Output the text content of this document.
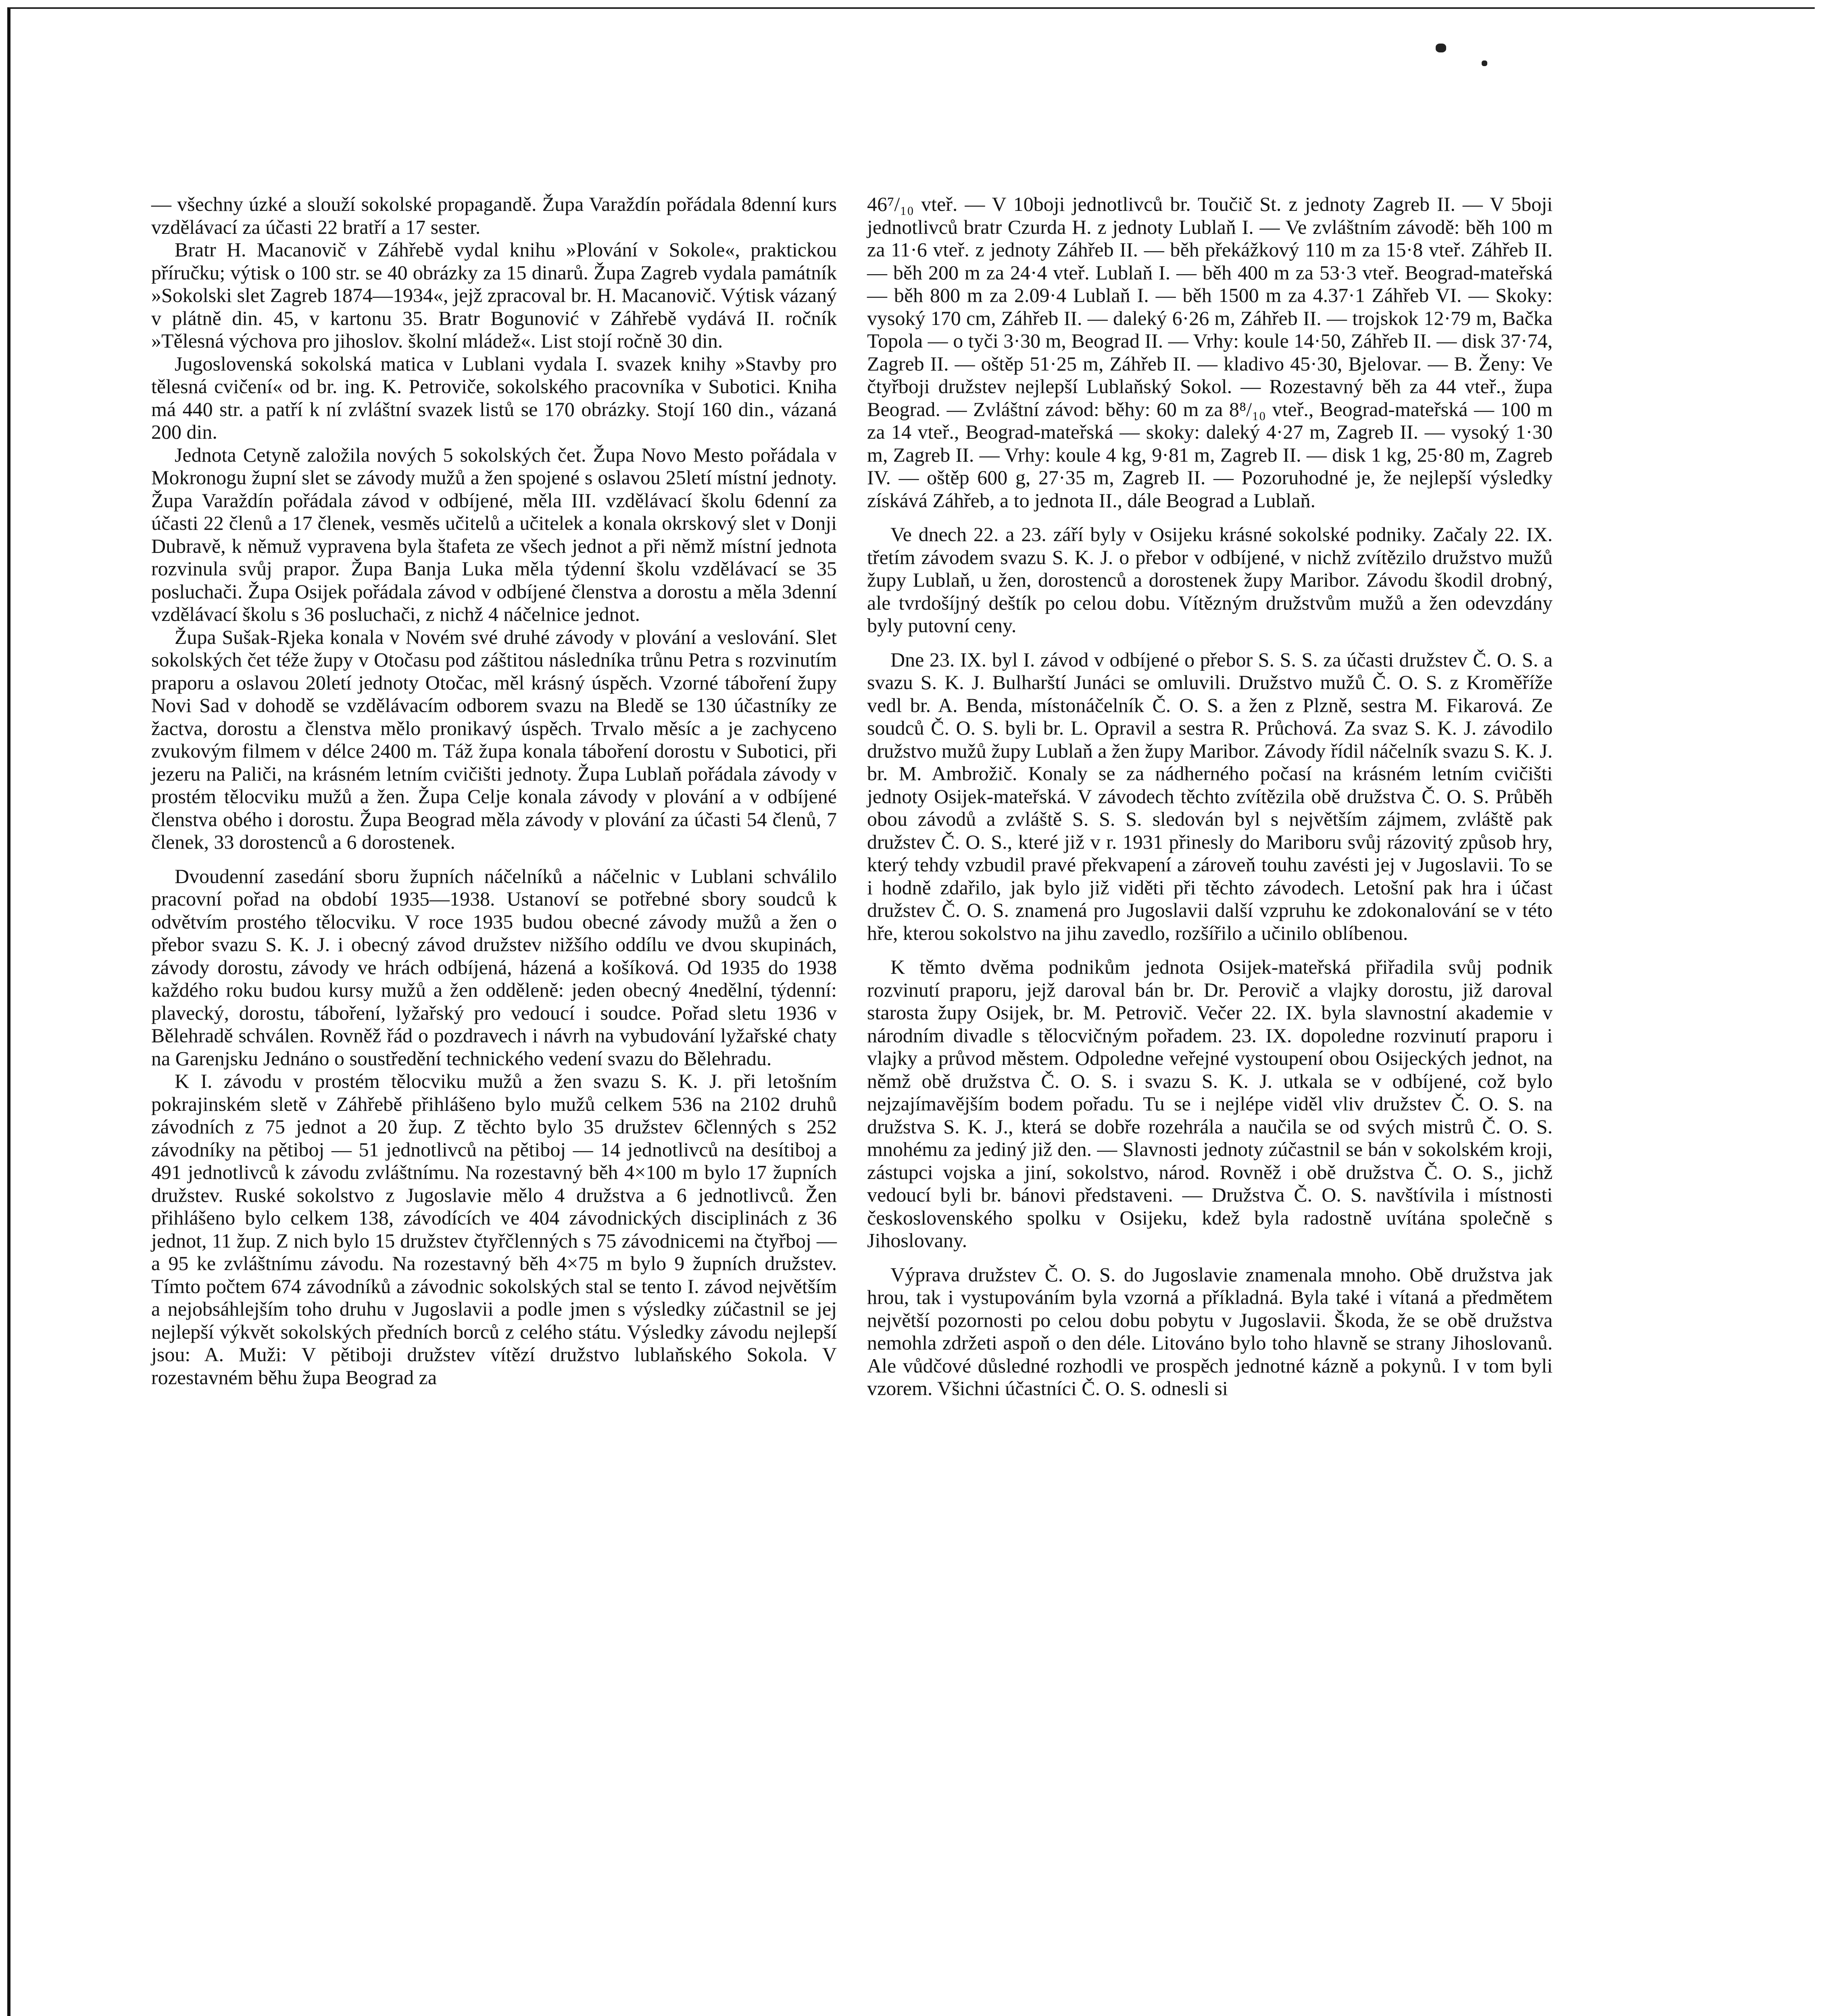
— všechny úzké a slouží sokolské propagandě. Župa Varaždín pořádala 8denní kurs vzdělávací za účasti 22 bratří a 17 sester.

Bratr H. Macanovič v Záhřebě vydal knihu »Plování v Sokole«, praktickou příručku; výtisk o 100 str. se 40 obrázky za 15 dinarů. Župa Zagreb vydala památník »Sokolski slet Zagreb 1874—1934«, jejž zpracoval br. H. Macanovič. Výtisk vázaný v plátně din. 45, v kartonu 35. Bratr Bogunović v Záhřebě vydává II. ročník »Tělesná výchova pro jihoslov. školní mládež«. List stojí ročně 30 din.

Jugoslovenská sokolská matica v Lublani vydala I. svazek knihy »Stavby pro tělesná cvičení« od br. ing. K. Petroviče, sokolského pracovníka v Subotici. Kniha má 440 str. a patří k ní zvláštní svazek listů se 170 obrázky. Stojí 160 din., vázaná 200 din.

Jednota Cetyně založila nových 5 sokolských čet. Župa Novo Mesto pořádala v Mokronogu župní slet se závody mužů a žen spojené s oslavou 25letí místní jednoty. Župa Varaždín pořádala závod v odbíjené, měla III. vzdělávací školu 6denní za účasti 22 členů a 17 členek, vesměs učitelů a učitelek a konala okrskový slet v Donji Dubravě, k němuž vypravena byla štafeta ze všech jednot a při němž místní jednota rozvinula svůj prapor. Župa Banja Luka měla týdenní školu vzdělávací se 35 posluchači. Župa Osijek pořádala závod v odbíjené členstva a dorostu a měla 3denní vzdělávací školu s 36 posluchači, z nichž 4 náčelnice jednot.

Župa Sušak-Rjeka konala v Novém své druhé závody v plování a veslování. Slet sokolských čet téže župy v Otočasu pod záštitou následníka trůnu Petra s rozvinutím praporu a oslavou 20letí jednoty Otočac, měl krásný úspěch. Vzorné táboření župy Novi Sad v dohodě se vzdělávacím odborem svazu na Bledě se 130 účastníky ze žactva, dorostu a členstva mělo pronikavý úspěch. Trvalo měsíc a je zachyceno zvukovým filmem v délce 2400 m. Táž župa konala táboření dorostu v Subotici, při jezeru na Paliči, na krásném letním cvičišti jednoty. Župa Lublaň pořádala závody v prostém tělocviku mužů a žen. Župa Celje konala závody v plování a v odbíjené členstva obého i dorostu. Župa Beograd měla závody v plování za účasti 54 členů, 7 členek, 33 dorostenců a 6 dorostenek.

Dvoudenní zasedání sboru župních náčelníků a náčelnic v Lublani schválilo pracovní pořad na období 1935—1938. Ustanoví se potřebné sbory soudců k odvětvím prostého tělocviku. V roce 1935 budou obecné závody mužů a žen o přebor svazu S. K. J. i obecný závod družstev nižšího oddílu ve dvou skupinách, závody dorostu, závody ve hrách odbíjená, házená a košíková. Od 1935 do 1938 každého roku budou kursy mužů a žen odděleně: jeden obecný 4nedělní, týdenní: plavecký, dorostu, táboření, lyžařský pro vedoucí i soudce. Pořad sletu 1936 v Bělehradě schválen. Rovněž řád o pozdravech i návrh na vybudování lyžařské chaty na Garenjsku Jednáno o soustředění technického vedení svazu do Bělehradu.

K I. závodu v prostém tělocviku mužů a žen svazu S. K. J. při letošním pokrajinském sletě v Záhřebě přihlášeno bylo mužů celkem 536 na 2102 druhů závodních z 75 jednot a 20 žup. Z těchto bylo 35 družstev 6členných s 252 závodníky na pětiboj — 51 jednotlivců na pětiboj — 14 jednotlivců na desítiboj a 491 jednotlivců k závodu zvláštnímu. Na rozestavný běh 4×100 m bylo 17 župních družstev. Ruské sokolstvo z Jugoslavie mělo 4 družstva a 6 jednotlivců. Žen přihlášeno bylo celkem 138, závodících ve 404 závodnických disciplinách z 36 jednot, 11 žup. Z nich bylo 15 družstev čtyřčlenných s 75 závodnicemi na čtyřboj — a 95 ke zvláštnímu závodu. Na rozestavný běh 4×75 m bylo 9 župních družstev. Tímto počtem 674 závodníků a závodnic sokolských stal se tento I. závod největším a nejobsáhlejším toho druhu v Jugoslavii a podle jmen s výsledky zúčastnil se jej nejlepší výkvět sokolských předních borců z celého státu. Výsledky závodu nejlepší jsou: A. Muži: V pětiboji družstev vítězí družstvo lublaňského Sokola. V rozestavném běhu župa Beograd za

46⁷/₁₀ vteř. — V 10boji jednotlivců br. Toučič St. z jednoty Zagreb II. — V 5boji jednotlivců bratr Czurda H. z jednoty Lublaň I. — Ve zvláštním závodě: běh 100 m za 11·6 vteř. z jednoty Záhřeb II. — běh překážkový 110 m za 15·8 vteř. Záhřeb II. — běh 200 m za 24·4 vteř. Lublaň I. — běh 400 m za 53·3 vteř. Beograd-mateřská — běh 800 m za 2.09·4 Lublaň I. — běh 1500 m za 4.37·1 Záhřeb VI. — Skoky: vysoký 170 cm, Záhřeb II. — daleký 6·26 m, Záhřeb II. — trojskok 12·79 m, Bačka Topola — o tyči 3·30 m, Beograd II. — Vrhy: koule 14·50, Záhřeb II. — disk 37·74, Zagreb II. — oštěp 51·25 m, Záhřeb II. — kladivo 45·30, Bjelovar. — B. Ženy: Ve čtyřboji družstev nejlepší Lublaňský Sokol. — Rozestavný běh za 44 vteř., župa Beograd. — Zvláštní závod: běhy: 60 m za 8⁸/₁₀ vteř., Beograd-mateřská — 100 m za 14 vteř., Beograd-mateřská — skoky: daleký 4·27 m, Zagreb II. — vysoký 1·30 m, Zagreb II. — Vrhy: koule 4 kg, 9·81 m, Zagreb II. — disk 1 kg, 25·80 m, Zagreb IV. — oštěp 600 g, 27·35 m, Zagreb II. — Pozoruhodné je, že nejlepší výsledky získává Záhřeb, a to jednota II., dále Beograd a Lublaň.

Ve dnech 22. a 23. září byly v Osijeku krásné sokolské podniky. Začaly 22. IX. třetím závodem svazu S. K. J. o přebor v odbíjené, v nichž zvítězilo družstvo mužů župy Lublaň, u žen, dorostenců a dorostenek župy Maribor. Závodu škodil drobný, ale tvrdošíjný deštík po celou dobu. Vítězným družstvům mužů a žen odevzdány byly putovní ceny.

Dne 23. IX. byl I. závod v odbíjené o přebor S. S. S. za účasti družstev Č. O. S. a svazu S. K. J. Bulharští Junáci se omluvili. Družstvo mužů Č. O. S. z Kroměříže vedl br. A. Benda, místonáčelník Č. O. S. a žen z Plzně, sestra M. Fikarová. Ze soudců Č. O. S. byli br. L. Opravil a sestra R. Průchová. Za svaz S. K. J. závodilo družstvo mužů župy Lublaň a žen župy Maribor. Závody řídil náčelník svazu S. K. J. br. M. Ambrožič. Konaly se za nádherného počasí na krásném letním cvičišti jednoty Osijek-mateřská. V závodech těchto zvítězila obě družstva Č. O. S. Průběh obou závodů a zvláště S. S. S. sledován byl s největším zájmem, zvláště pak družstev Č. O. S., které již v r. 1931 přinesly do Mariboru svůj rázovitý způsob hry, který tehdy vzbudil pravé překvapení a zároveň touhu zavésti jej v Jugoslavii. To se i hodně zdařilo, jak bylo již viděti při těchto závodech. Letošní pak hra i účast družstev Č. O. S. znamená pro Jugoslavii další vzpruhu ke zdokonalování se v této hře, kterou sokolstvo na jihu zavedlo, rozšířilo a učinilo oblíbenou.

K těmto dvěma podnikům jednota Osijek-mateřská přiřadila svůj podnik rozvinutí praporu, jejž daroval bán br. Dr. Perovič a vlajky dorostu, již daroval starosta župy Osijek, br. M. Petrovič. Večer 22. IX. byla slavnostní akademie v národním divadle s tělocvičným pořadem. 23. IX. dopoledne rozvinutí praporu i vlajky a průvod městem. Odpoledne veřejné vystoupení obou Osijeckých jednot, na němž obě družstva Č. O. S. i svazu S. K. J. utkala se v odbíjené, což bylo nejzajímavějším bodem pořadu. Tu se i nejlépe viděl vliv družstev Č. O. S. na družstva S. K. J., která se dobře rozehrála a naučila se od svých mistrů Č. O. S. mnohému za jediný již den. — Slavnosti jednoty zúčastnil se bán v sokolském kroji, zástupci vojska a jiní, sokolstvo, národ. Rovněž i obě družstva Č. O. S., jichž vedoucí byli br. bánovi představeni. — Družstva Č. O. S. navštívila i místnosti československého spolku v Osijeku, kdež byla radostně uvítána společně s Jihoslovany.

Výprava družstev Č. O. S. do Jugoslavie znamenala mnoho. Obě družstva jak hrou, tak i vystupováním byla vzorná a příkladná. Byla také i vítaná a předmětem největší pozornosti po celou dobu pobytu v Jugoslavii. Škoda, že se obě družstva nemohla zdržeti aspoň o den déle. Litováno bylo toho hlavně se strany Jihoslovanů. Ale vůdčové důsledné rozhodli ve prospěch jednotné kázně a pokynů. I v tom byli vzorem. Všichni účastníci Č. O. S. odnesli si
